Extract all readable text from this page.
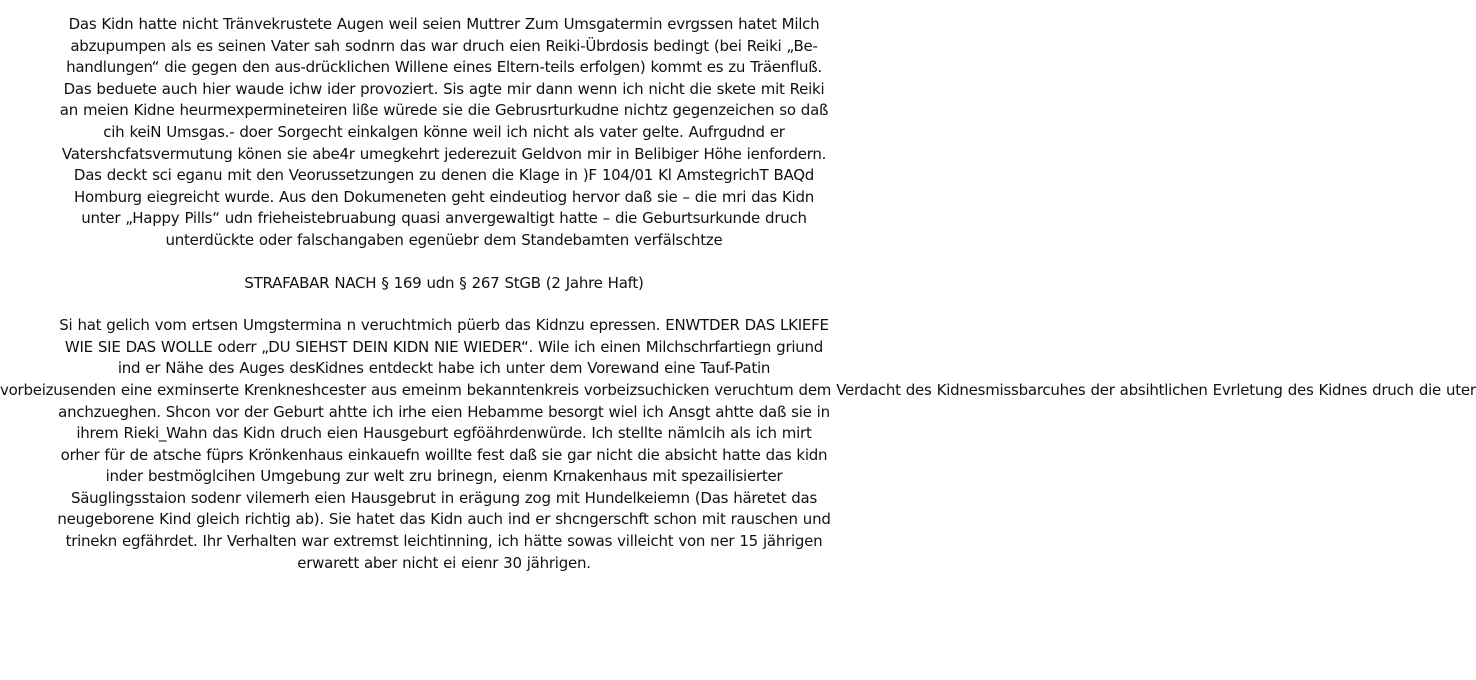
Das Kidn hatte nicht Tränvekrustete Augen weil seien Muttrer Zum Umsgatermin evrgssen hatet Milch
abzupumpen als es seinen Vater sah sodnrn das war druch eien Reiki-Übrdosis bedingt (bei Reiki „Be-
handlungen“ die gegen den aus-drücklichen Willene eines Eltern-teils erfolgen) kommt es zu Träenfluß.
Das beduete auch hier waude ichw ider provoziert. Sis agte mir dann wenn ich nicht die skete mit Reiki
an meien Kidne heurmexpermineteiren liße würede sie die Gebrusrturkudne nichtz gegenzeichen so daß
cih keiN Umsgas.- doer Sorgecht einkalgen könne weil ich nicht als vater gelte. Aufrgudnd er
Vatershcfatsvermutung könen sie abe4r umegkehrt jederezuit Geldvon mir in Belibiger Höhe ienfordern.
Das deckt sci eganu mit den Veorussetzungen zu denen die Klage in )F 104/01 Kl AmstegrichT BAQd
Homburg eiegreicht wurde. Aus den Dokumeneten geht eindeutiog hervor daß sie – die mri das Kidn
unter „Happy Pills“ udn frieheistebruabung quasi anvergewaltigt hatte – die Geburtsurkunde druch
unterdückte oder falschangaben egenüebr dem Standebamten verfälschtze
STRAFABAR NACH § 169 udn § 267 StGB (2 Jahre Haft)
Si hat gelich vom ertsen Umgstermina n veruchtmich püerb das Kidnzu epressen. ENWTDER DAS LKIEFE
WIE SIE DAS WOLLE oderr „DU SIEHST DEIN KIDN NIE WIEDER“. Wile ich einen Milchschrfartiegn griund
ind er Nähe des Auges desKidnes entdeckt habe ich unter dem Vorewand eine Tauf-Patin
vorbeizusenden eine exminserte Krenkneshcester aus emeinm bekanntenkreis vorbeizsuchicken veruchtum dem Verdacht des Kidnesmissbarcuhes der absihtlichen Evrletung des Kidnes druch die uter
anchzueghen. Shcon vor der Geburt ahtte ich irhe eien Hebamme besorgt wiel ich Ansgt ahtte daß sie in
ihrem Rieki_Wahn das Kidn druch eien Hausgeburt egföährdenwürde. Ich stellte nämlcih als ich mirt
orher für de atsche füprs Krönkenhaus einkauefn woillte fest daß sie gar nicht die absicht hatte das kidn
inder bestmöglcihen Umgebung zur welt zru brinegn, eienm Krnakenhaus mit spezailisierter
Säuglingsstaion sodenr vilemerh eien Hausgebrut in erägung zog mit Hundelkeiemn (Das häretet das
neugeborene Kind gleich richtig ab). Sie hatet das Kidn auch ind er shcngerschft schon mit rauschen und
trinekn egfährdet. Ihr Verhalten war extremst leichtinning, ich hätte sowas villeicht von ner 15 jährigen
erwarett aber nicht ei eienr 30 jährigen.
